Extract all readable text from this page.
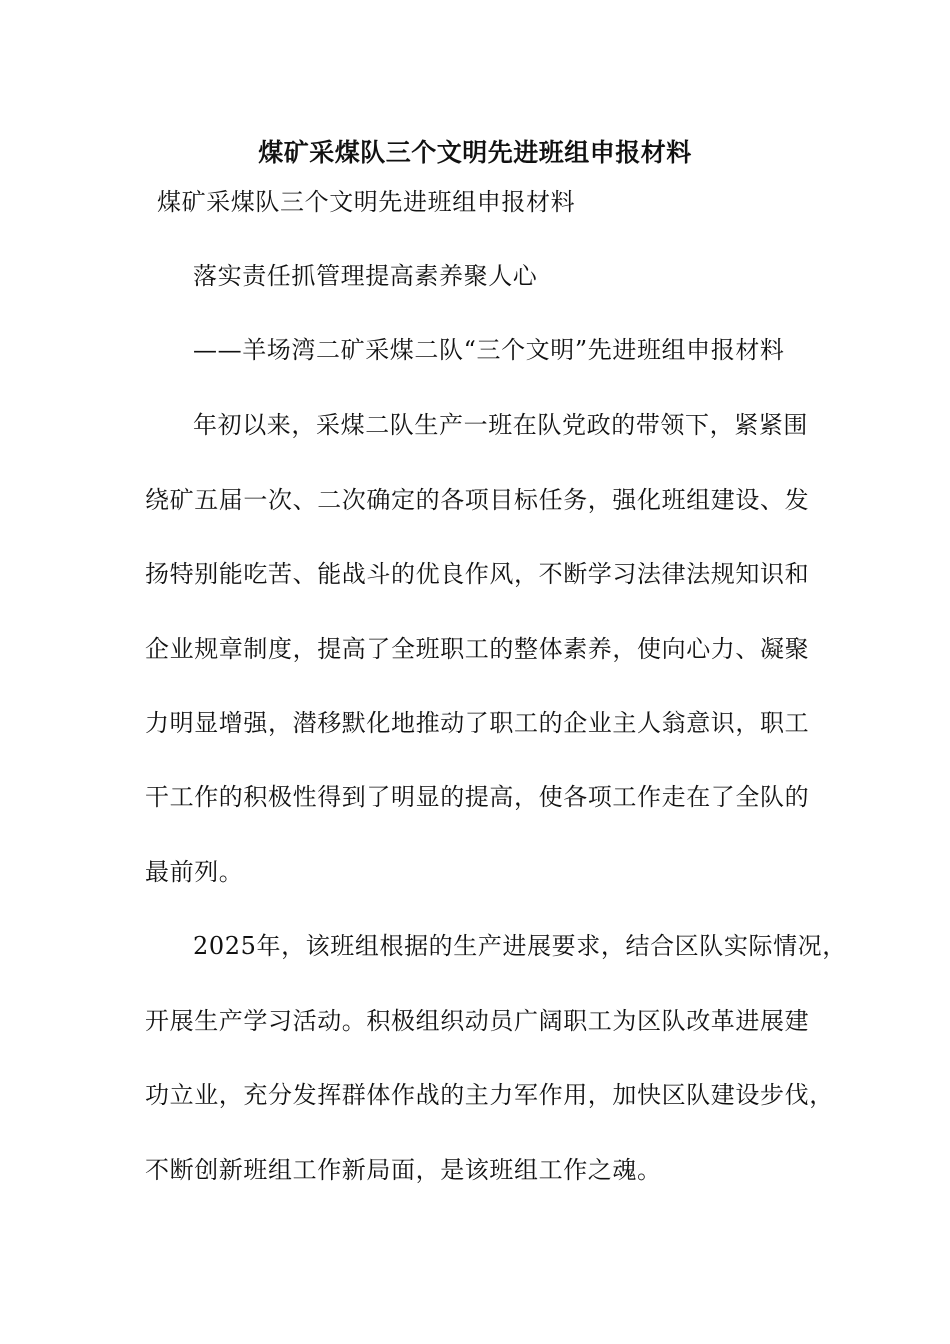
煤矿采煤队三个文明先进班组申报材料
煤矿采煤队三个文明先进班组申报材料
落实责任抓管理提高素养聚人心
——羊场湾二矿采煤二队“三个文明”先进班组申报材料
年初以来，采煤二队生产一班在队党政的带领下，紧紧围
绕矿五届一次、二次确定的各项目标任务，强化班组建设、发
扬特别能吃苦、能战斗的优良作风，不断学习法律法规知识和
企业规章制度，提高了全班职工的整体素养，使向心力、凝聚
力明显增强，潜移默化地推动了职工的企业主人翁意识，职工
干工作的积极性得到了明显的提高，使各项工作走在了全队的
最前列。
2025年，该班组根据的生产进展要求，结合区队实际情况，
开展生产学习活动。积极组织动员广阔职工为区队改革进展建
功立业，充分发挥群体作战的主力军作用，加快区队建设步伐，
不断创新班组工作新局面，是该班组工作之魂。
